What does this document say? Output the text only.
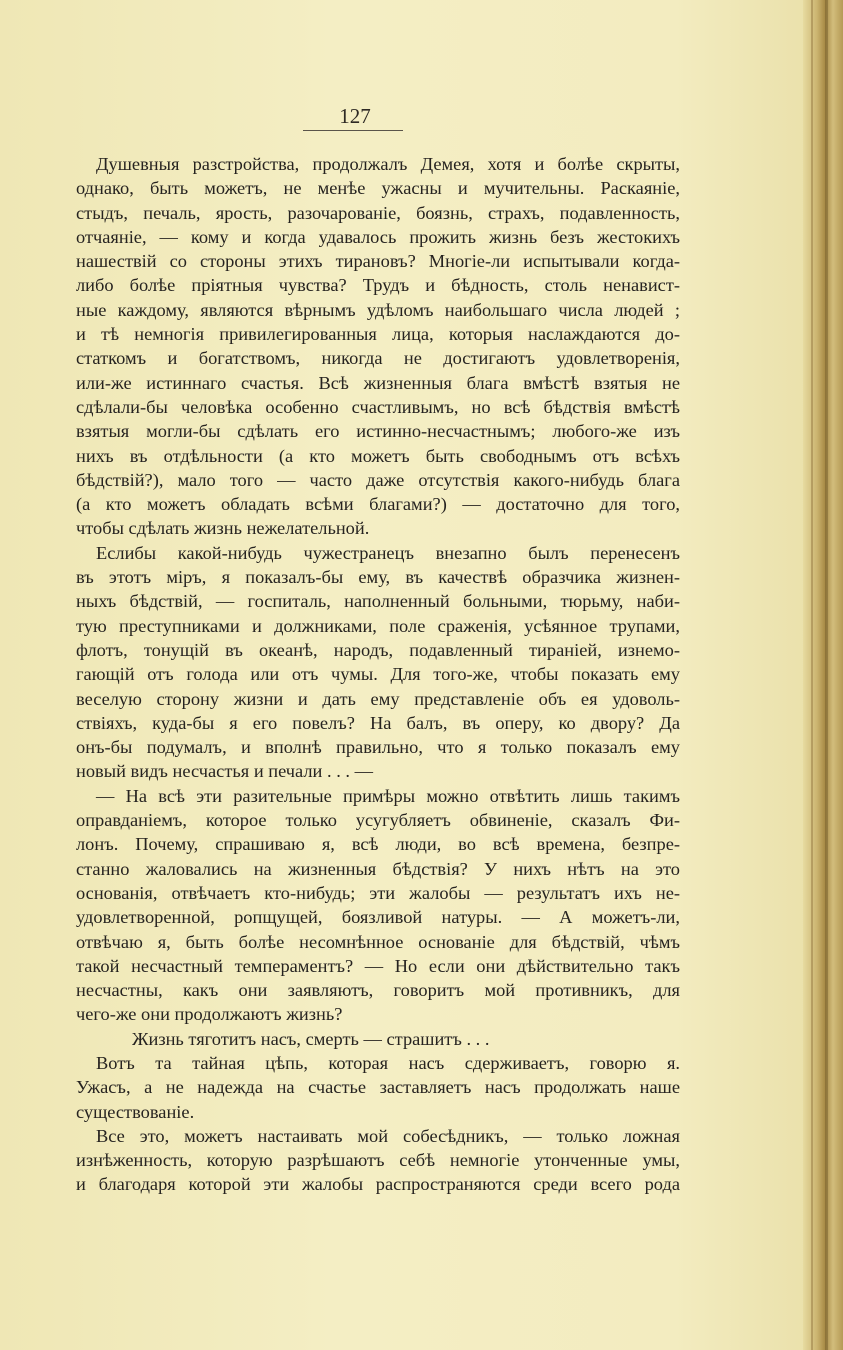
127
Душевныя разстройства, продолжалъ Демея, хотя и болѣе скрыты,
однако, быть можетъ, не менѣе ужасны и мучительны. Раскаяніе,
стыдъ, печаль, ярость, разочарованіе, боязнь, страхъ, подавленность,
отчаяніе, — кому и когда удавалось прожить жизнь безъ жестокихъ
нашествій со стороны этихъ тирановъ? Многіе-ли испытывали когда-
либо болѣе пріятныя чувства? Трудъ и бѣдность, столь ненавист-
ные каждому, являются вѣрнымъ удѣломъ наибольшаго числа людей ;
и тѣ немногія привилегированныя лица, которыя наслаждаются до-
статкомъ и богатствомъ, никогда не достигаютъ удовлетворенія,
или-же истиннаго счастья. Всѣ жизненныя блага вмѣстѣ взятыя не
сдѣлали-бы человѣка особенно счастливымъ, но всѣ бѣдствія вмѣстѣ
взятыя могли-бы сдѣлать его истинно-несчастнымъ; любого-же изъ
нихъ въ отдѣльности (а кто можетъ быть свободнымъ отъ всѣхъ
бѣдствій?), мало того — часто даже отсутствія какого-нибудь блага
(а кто можетъ обладать всѣми благами?) — достаточно для того,
чтобы сдѣлать жизнь нежелательной.
Еслибы какой-нибудь чужестранецъ внезапно былъ перенесенъ
въ этотъ міръ, я показалъ-бы ему, въ качествѣ образчика жизнен-
ныхъ бѣдствій, — госпиталь, наполненный больными, тюрьму, наби-
тую преступниками и должниками, поле сраженія, усѣянное трупами,
флотъ, тонущій въ океанѣ, народъ, подавленный тираніей, изнемо-
гающій отъ голода или отъ чумы. Для того-же, чтобы показать ему
веселую сторону жизни и дать ему представленіе объ ея удоволь-
ствіяхъ, куда-бы я его повелъ? На балъ, въ оперу, ко двору? Да
онъ-бы подумалъ, и вполнѣ правильно, что я только показалъ ему
новый видъ несчастья и печали . . . —
— На всѣ эти разительные примѣры можно отвѣтить лишь такимъ
оправданіемъ, которое только усугубляетъ обвиненіе, сказалъ Фи-
лонъ. Почему, спрашиваю я, всѣ люди, во всѣ времена, безпре-
станно жаловались на жизненныя бѣдствія? У нихъ нѣтъ на это
основанія, отвѣчаетъ кто-нибудь; эти жалобы — результатъ ихъ не-
удовлетворенной, ропщущей, боязливой натуры. — А можетъ-ли,
отвѣчаю я, быть болѣе несомнѣнное основаніе для бѣдствій, чѣмъ
такой несчастный темпераментъ? — Но если они дѣйствительно такъ
несчастны, какъ они заявляютъ, говоритъ мой противникъ, для
чего-же они продолжаютъ жизнь?
Жизнь тяготитъ насъ, смерть — страшитъ . . .
Вотъ та тайная цѣпь, которая насъ сдерживаетъ, говорю я.
Ужасъ, а не надежда на счастье заставляетъ насъ продолжать наше
существованіе.
Все это, можетъ настаивать мой собесѣдникъ, — только ложная
изнѣженность, которую разрѣшаютъ себѣ немногіе утонченные умы,
и благодаря которой эти жалобы распространяются среди всего рода
